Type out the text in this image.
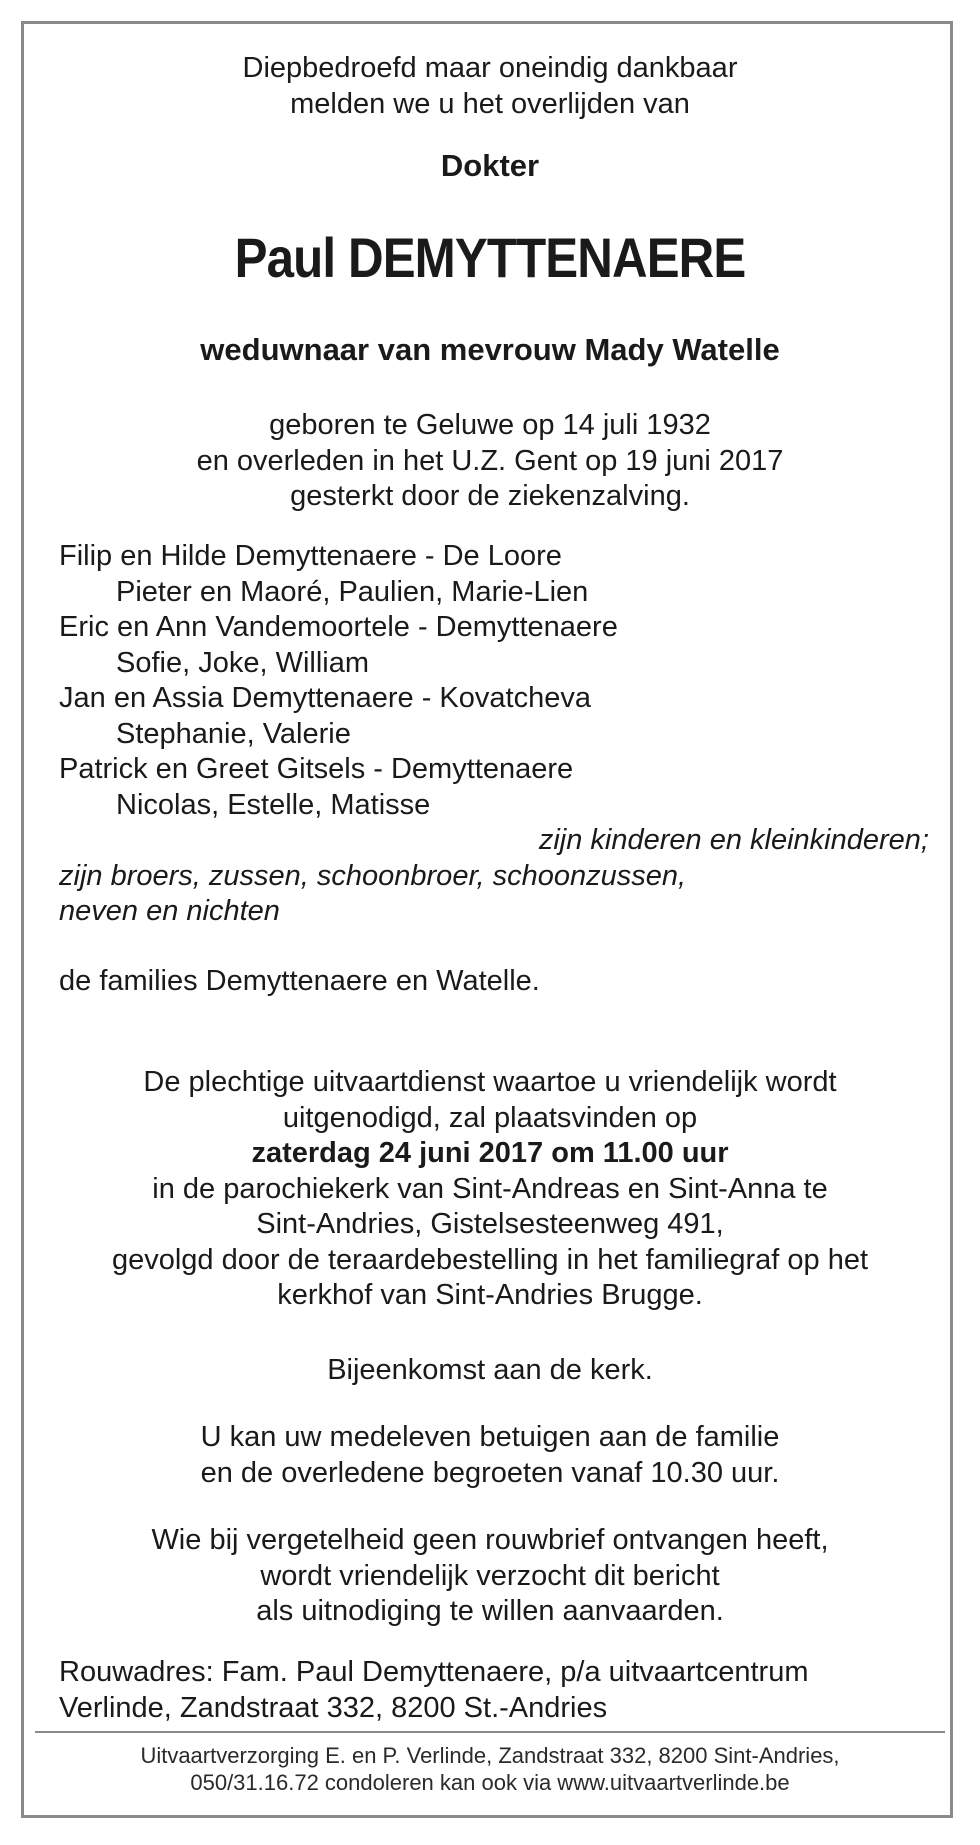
Diepbedroefd maar oneindig dankbaar
melden we u het overlijden van
Dokter
Paul DEMYTTENAERE
weduwnaar van mevrouw Mady Watelle
geboren te Geluwe op 14 juli 1932
en overleden in het U.Z. Gent op 19 juni 2017
gesterkt door de ziekenzalving.
Filip en Hilde Demyttenaere - De Loore
Pieter en Maoré, Paulien, Marie-Lien
Eric en Ann Vandemoortele - Demyttenaere
Sofie, Joke, William
Jan en Assia Demyttenaere - Kovatcheva
Stephanie, Valerie
Patrick en Greet Gitsels - Demyttenaere
Nicolas, Estelle, Matisse
zijn kinderen en kleinkinderen;
zijn broers, zussen, schoonbroer, schoonzussen,
neven en nichten
de families Demyttenaere en Watelle.
De plechtige uitvaartdienst waartoe u vriendelijk wordt
uitgenodigd, zal plaatsvinden op
zaterdag 24 juni 2017 om 11.00 uur
in de parochiekerk van Sint-Andreas en Sint-Anna te
Sint-Andries, Gistelsesteenweg 491,
gevolgd door de teraardebestelling in het familiegraf op het
kerkhof van Sint-Andries Brugge.
Bijeenkomst aan de kerk.
U kan uw medeleven betuigen aan de familie
en de overledene begroeten vanaf 10.30 uur.
Wie bij vergetelheid geen rouwbrief ontvangen heeft,
wordt vriendelijk verzocht dit bericht
als uitnodiging te willen aanvaarden.
Rouwadres: Fam. Paul Demyttenaere, p/a uitvaartcentrum
Verlinde, Zandstraat 332, 8200 St.-Andries
Uitvaartverzorging E. en P. Verlinde, Zandstraat 332, 8200 Sint-Andries,
050/31.16.72 condoleren kan ook via www.uitvaartverlinde.be
